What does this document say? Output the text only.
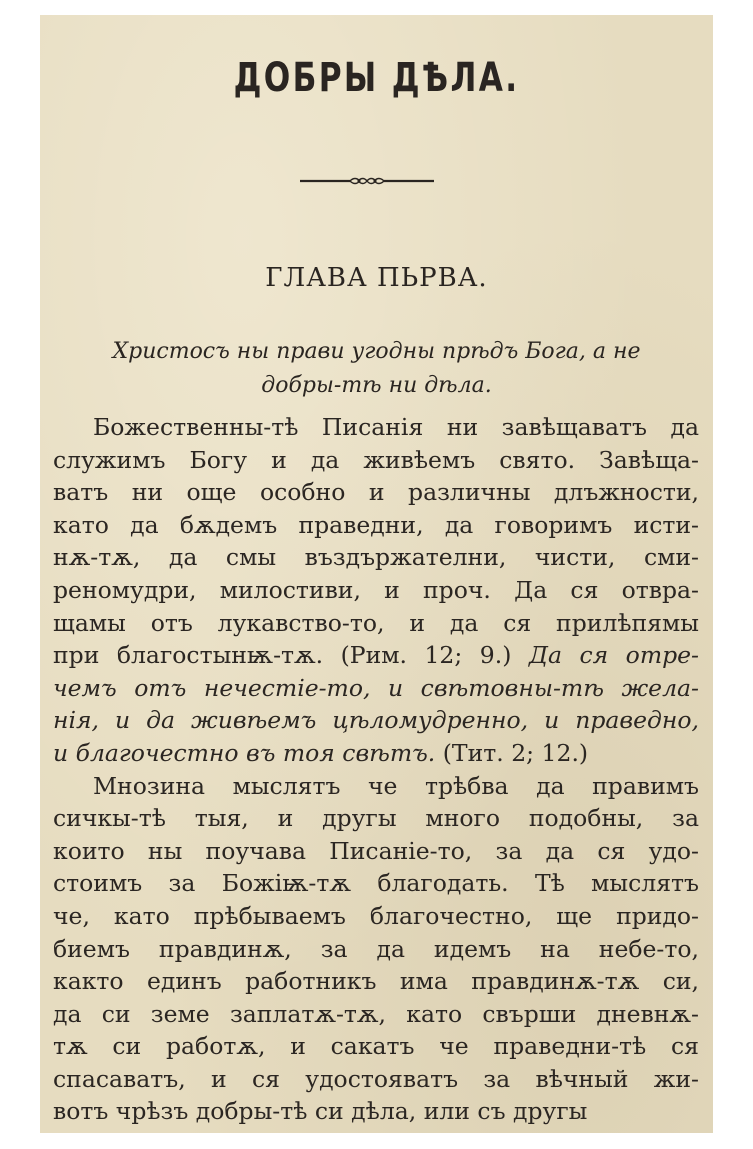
ДОБРЫ ДѢЛА.
ГЛАВА ПЬРВА.
Христосъ ны прави угодны прѣдъ Бога, а не
добры-тѣ ни дѣла.
Божественны-тѣ Писанія ни завѣщаватъ да
служимъ Богу и да живѣемъ свято. Завѣща-
ватъ ни още особно и различны длъжности,
като да бѫдемъ праведни, да говоримъ исти-
нѫ-тѫ, да смы въздържателни, чисти, сми-
реномудри, милостиви, и проч. Да ся отвра-
щамы отъ лукавство-то, и да ся прилѣпямы
при благостынѭ-тѫ. (Рим. 12; 9.) Да ся отре-
чемъ отъ нечестіе-то, и свѣтовны-тѣ жела-
нія, и да живѣемъ цѣломудренно, и праведно,
и благочестно въ тоя свѣтъ. (Тит. 2; 12.)
Мнозина мыслятъ че трѣбва да правимъ
сичкы-тѣ тыя, и другы много подобны, за
които ны поучава Писаніе-то, за да ся удо-
стоимъ за Божіѭ-тѫ благодать. Тѣ мыслятъ
че, като прѣбываемъ благочестно, ще придо-
биемъ правдинѫ, за да идемъ на небе-то,
както единъ работникъ има правдинѫ-тѫ си,
да си земе заплатѫ-тѫ, като свърши дневнѫ-
тѫ си работѫ, и сакатъ че праведни-тѣ ся
спасаватъ, и ся удостояватъ за вѣчный жи-
вотъ чрѣзъ добры-тѣ си дѣла, или съ другы
